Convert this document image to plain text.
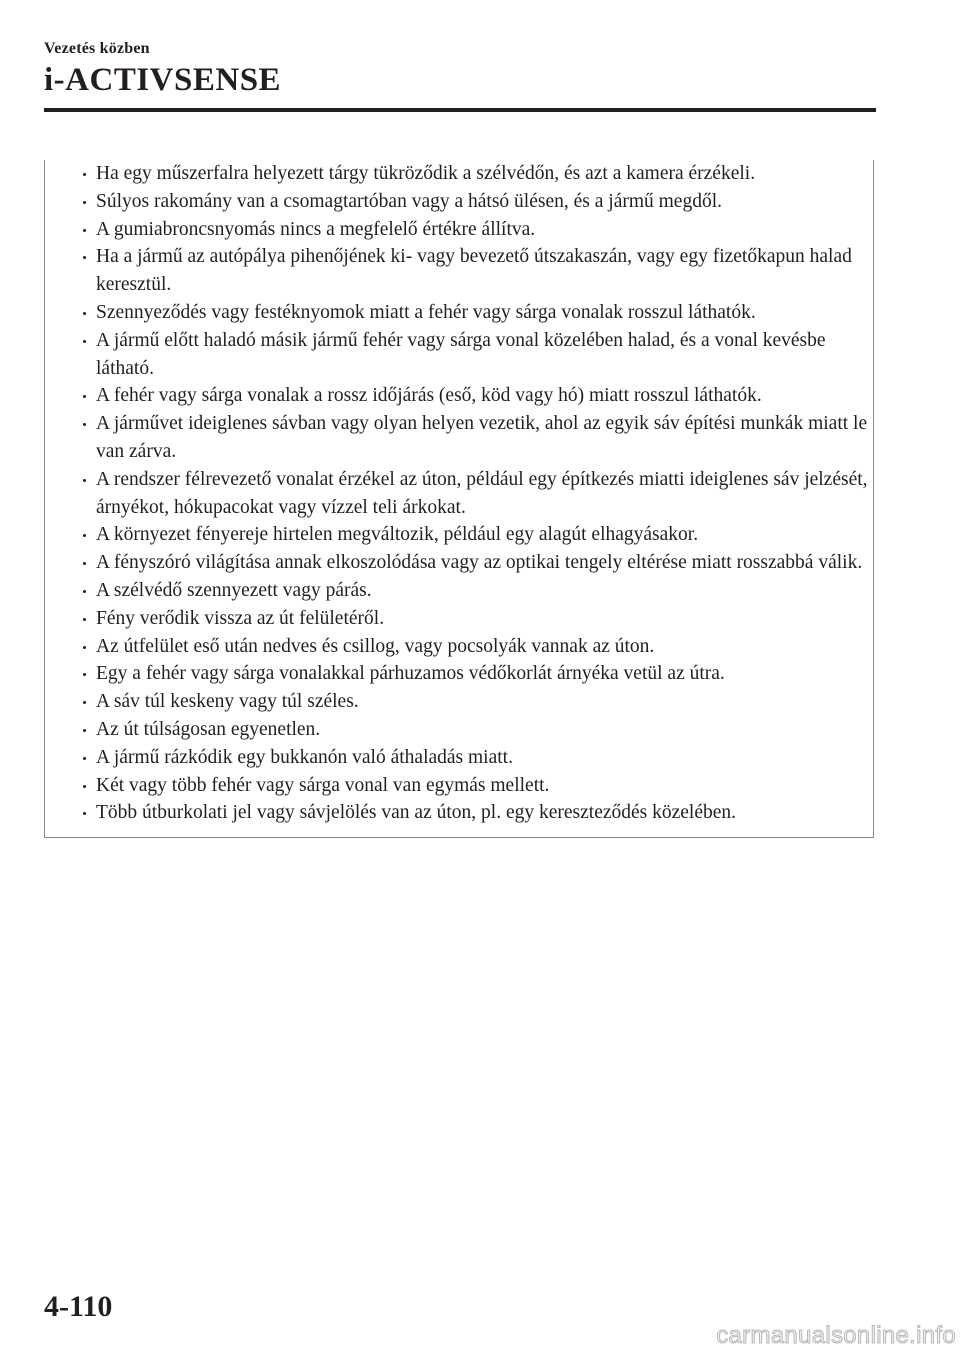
Vezetés közben
i-ACTIVSENSE
Ha egy műszerfalra helyezett tárgy tükröződik a szélvédőn, és azt a kamera érzékeli.
Súlyos rakomány van a csomagtartóban vagy a hátsó ülésen, és a jármű megdől.
A gumiabroncsnyomás nincs a megfelelő értékre állítva.
Ha a jármű az autópálya pihenőjének ki- vagy bevezető útszakaszán, vagy egy fizetőkapun halad keresztül.
Szennyeződés vagy festéknyomok miatt a fehér vagy sárga vonalak rosszul láthatók.
A jármű előtt haladó másik jármű fehér vagy sárga vonal közelében halad, és a vonal kevésbe látható.
A fehér vagy sárga vonalak a rossz időjárás (eső, köd vagy hó) miatt rosszul láthatók.
A járművet ideiglenes sávban vagy olyan helyen vezetik, ahol az egyik sáv építési munkák miatt le van zárva.
A rendszer félrevezető vonalat érzékel az úton, például egy építkezés miatti ideiglenes sáv jelzését, árnyékot, hókupacokat vagy vízzel teli árkokat.
A környezet fényereje hirtelen megváltozik, például egy alagút elhagyásakor.
A fényszóró világítása annak elkoszolódása vagy az optikai tengely eltérése miatt rosszabbá válik.
A szélvédő szennyezett vagy párás.
Fény verődik vissza az út felületéről.
Az útfelület eső után nedves és csillog, vagy pocsolyák vannak az úton.
Egy a fehér vagy sárga vonalakkal párhuzamos védőkorlát árnyéka vetül az útra.
A sáv túl keskeny vagy túl széles.
Az út túlságosan egyenetlen.
A jármű rázkódik egy bukkanón való áthaladás miatt.
Két vagy több fehér vagy sárga vonal van egymás mellett.
Több útburkolati jel vagy sávjelölés van az úton, pl. egy kereszteződés közelében.
4-110
carmanualsonline.info
